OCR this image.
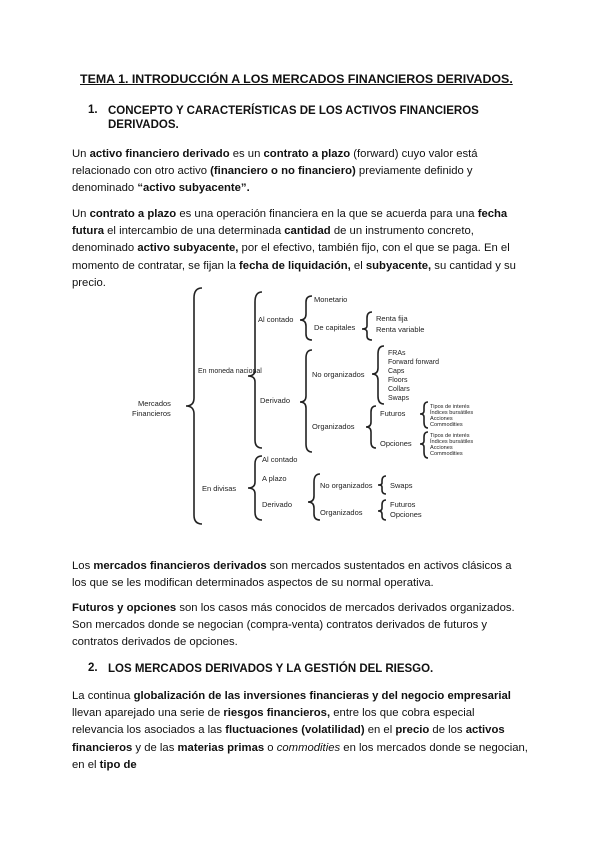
TEMA 1. INTRODUCCIÓN A LOS MERCADOS FINANCIEROS DERIVADOS.
1. CONCEPTO Y CARACTERÍSTICAS DE LOS ACTIVOS FINANCIEROS DERIVADOS.
Un activo financiero derivado es un contrato a plazo (forward) cuyo valor está relacionado con otro activo (financiero o no financiero) previamente definido y denominado “activo subyacente”.
Un contrato a plazo es una operación financiera en la que se acuerda para una fecha futura el intercambio de una determinada cantidad de un instrumento concreto, denominado activo subyacente, por el efectivo, también fijo, con el que se paga. En el momento de contratar, se fijan la fecha de liquidación, el subyacente, su cantidad y su precio.
Mercados
Financieros
En moneda nacional
Al contado
Monetario
De capitales
Renta fija
Renta variable
Derivado
No organizados
FRAs
Forward forward
Caps
Floors
Collars
Swaps
Organizados
Futuros
Opciones
Tipos de interés
Índices bursátiles
Acciones
Commodities
Tipos de interés
Índices bursátiles
Acciones
Commodities
En divisas
Al contado
A plazo
Derivado
No organizados Swaps
Organizados
Futuros
Opciones
Los mercados financieros derivados son mercados sustentados en activos clásicos a los que se les modifican determinados aspectos de su normal operativa.
Futuros y opciones son los casos más conocidos de mercados derivados organizados. Son mercados donde se negocian (compra-venta) contratos derivados de futuros y contratos derivados de opciones.
2. LOS MERCADOS DERIVADOS Y LA GESTIÓN DEL RIESGO.
La continua globalización de las inversiones financieras y del negocio empresarial llevan aparejado una serie de riesgos financieros, entre los que cobra especial relevancia los asociados a las fluctuaciones (volatilidad) en el precio de los activos financieros y de las materias primas o commodities en los mercados donde se negocian, en el tipo de
